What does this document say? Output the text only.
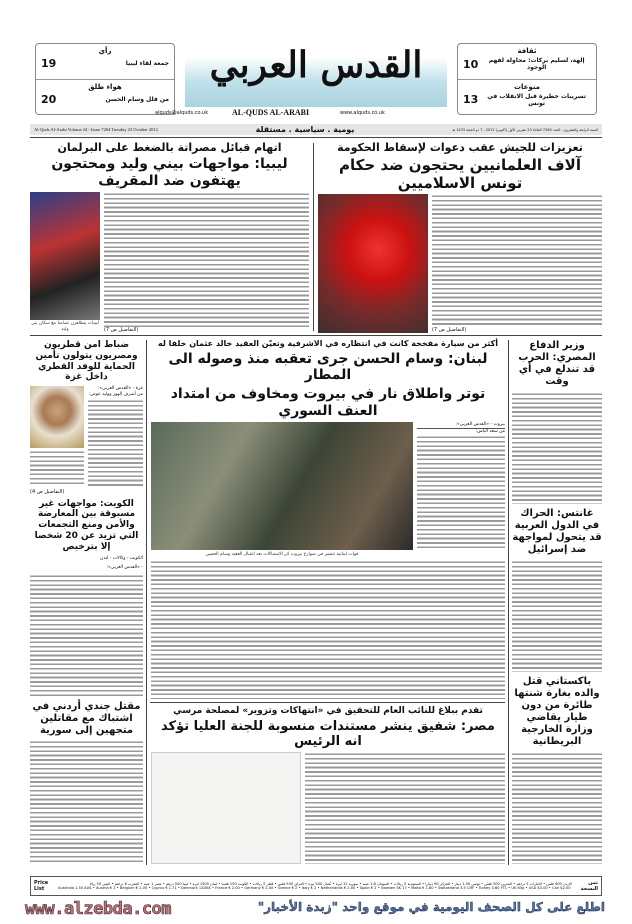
رأي
جمعة لقاء ليبيا
19
هواء طلق
من فلل وسام الحسن
20
ثقافة
إلهة، لسليم بركات: محاولة لفهم الوجود
10
منوعات
تسريبات خطيرة قبل الانقلاب في تونس
13
القدس العربي
alquds@alquds.co.uk	AL-QUDS AL-ARABI	www.alquds.co.uk
Al-Quds Al-Arabi Volume 24 - Issue 7264 Tuesday 23 October 2012	يومية . سياسية . مستقلة	السنة الرابعة والعشرون - العدد 7264 الثلاثاء 23 تشرين الأول (أكتوبر) 2012 - 7 ذو الحجة 1433 هـ
تعزيزات للجيش عقب دعوات لإسقاط الحكومة
آلاف العلمانيين يحتجون ضد حكام تونس الاسلاميين
(التفاصيل ص 7)
اتهام قبائل مصراتة بالضغط على البرلمان
ليبيا: مواجهات بيني وليد ومحتجون يهتفون ضد المقريف
ليبيات يتظاهرن تضامنا مع سكان بني وليد	(التفاصيل ص 7)
أكثر من سيارة مفخخة كانت في انتظاره في الاشرفية وتعيّن العقيد خالد عثمان خلفا له
لبنان: وسام الحسن جرى تعقبه منذ وصوله الى المطار
توتر واطلاق نار في بيروت ومخاوف من امتداد العنف السوري
بيروت - «القدس العربي»:
من سعد الياس:
قوات لبنانية تنتشر في شوارع بيروت اثر الاشتباكات بعد اغتيال العقيد وسام الحسن
وزير الدفاع المصري: الحرب قد تندلع في أي وقت
غانتس: الحراك في الدول العربية قد يتحول لمواجهة ضد إسرائيل
باكستاني قتل والده بغارة شنتها طائرة من دون طيار يقاضي وزارة الخارجية البريطانية
ضباط امن قطريون ومصريون يتولون تأمين الحماية للوفد القطري داخل غزة
غزة - «القدس العربي»:
من أشرف الهور ووليد عوض:
(التفاصيل ص 4)
الكويت: مواجهات غير مسبوقة بين المعارضة والأمن ومنع التجمعات التي تزيد عن 20 شخصا إلا بترخيص
الكويت - وكالات - لندن
- «القدس العربي»:
مقتل جندي أردني في اشتباك مع مقاتلين متجهين إلى سورية
تقدم ببلاغ للنائب العام للتحقيق في «انتهاكات وتزوير» لمصلحة مرسي
مصر: شفيق ينشر مستندات منسوبة للجنة العليا تؤكد انه الرئيس
Price List
الاردن 400 فلس • الامارات 5 دراهم • البحرين 500 فلس • تونس 1.50 دينار • الجزائر 90 دينارا • السعودية 5 ريالات • السودان 1.8 جنيه • سورية 12 ليرة • عُمان 500 بيزة • العراق 500 فلس • قطر 5 ريالات • الكويت 150 فلسا • لبنان 1500 ليرة • ليبيا 500 درهم • مصر 1 جنيه • المغرب 6 دراهم • اليمن 50 ريالا
Australia 1.50 AU$ • Austria € 2 • Belgium € 2.00 • Cyprus € 1.71 • Denmark 12DKK • France € 2.00 • Germany € 2.00 • Greece € 2 • Italy € 2 • Netherlands € 2.00 • Spain € 2 • Sweden SK 17 • Malta € 1.80 • Switzerland 3.5 CHF • Turkey 3.60 YTL • UK 65p • USA $3.00 • Can $2.00
ثمن النسخة
www.alzebda.com	اطلع على كل الصحف اليومية في موقع واحد "زبدة الأخبار"
